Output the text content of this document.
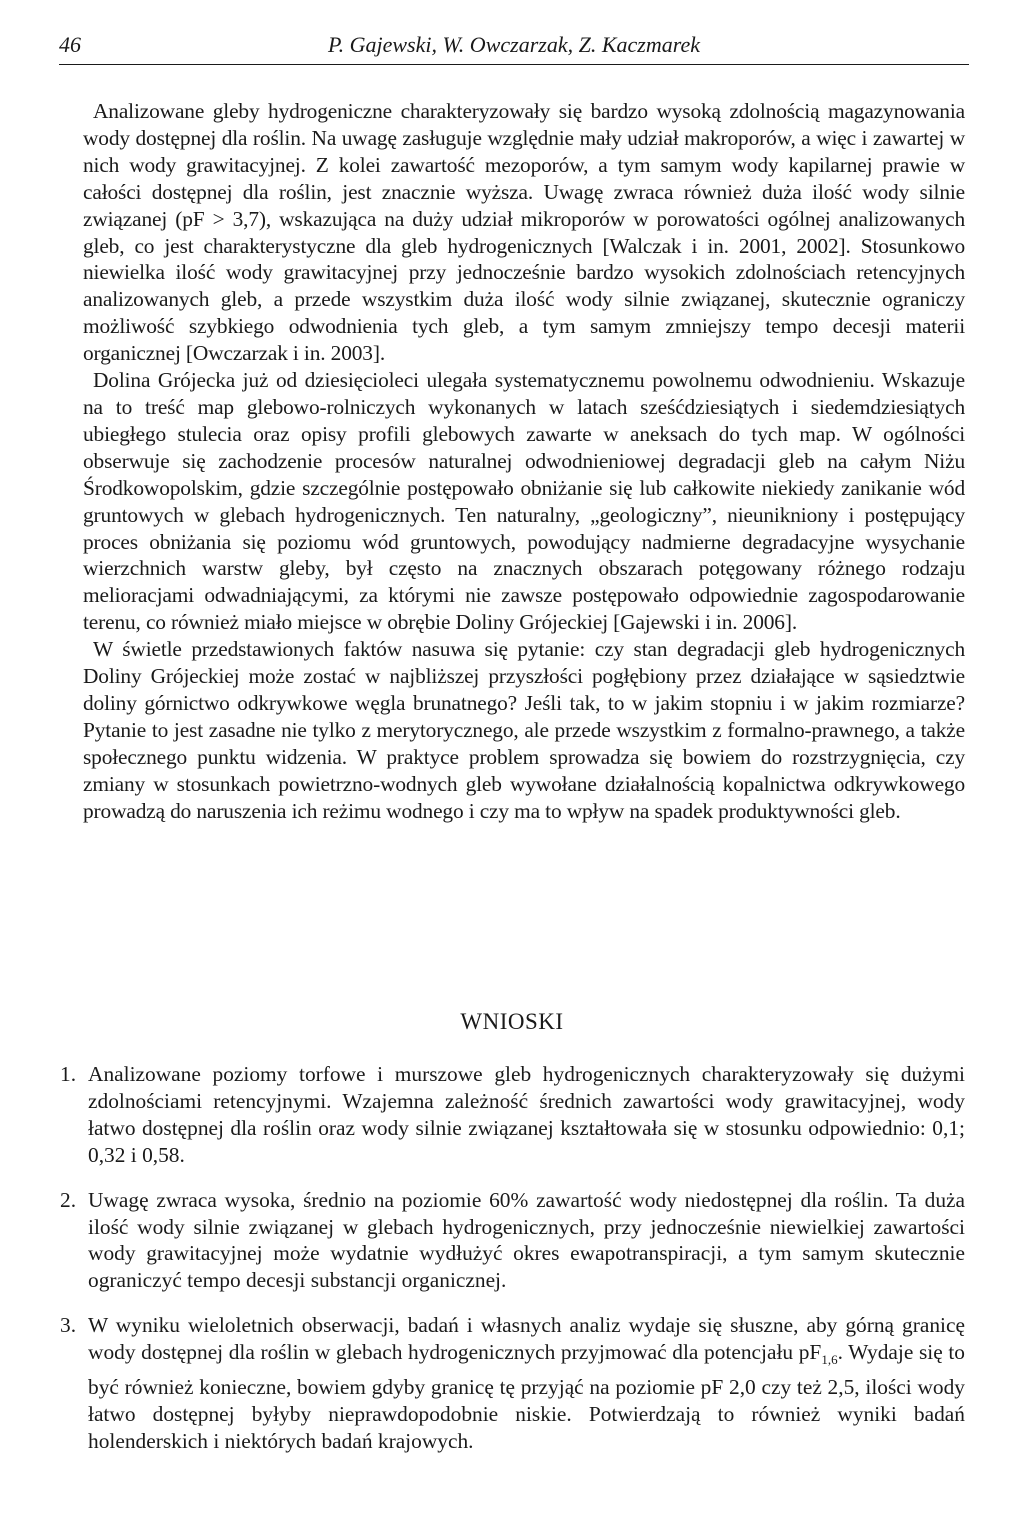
46	P. Gajewski, W. Owczarzak, Z. Kaczmarek

Analizowane gleby hydrogeniczne charakteryzowały się bardzo wysoką zdolnością magazynowania wody dostępnej dla roślin. Na uwagę zasługuje względnie mały udział makroporów, a więc i zawartej w nich wody grawitacyjnej. Z kolei zawartość mezoporów, a tym samym wody kapilarnej prawie w całości dostępnej dla roślin, jest znacznie wyższa. Uwagę zwraca również duża ilość wody silnie związanej (pF > 3,7), wskazująca na duży udział mikroporów w porowatości ogólnej analizowanych gleb, co jest charakterystyczne dla gleb hydrogenicznych [Walczak i in. 2001, 2002]. Stosunkowo niewielka ilość wody grawitacyjnej przy jednocześnie bardzo wysokich zdolnościach retencyjnych analizowanych gleb, a przede wszystkim duża ilość wody silnie związanej, skutecznie ograniczy możliwość szybkiego odwodnienia tych gleb, a tym samym zmniejszy tempo decesji materii organicznej [Owczarzak i in. 2003].

Dolina Grójecka już od dziesięcioleci ulegała systematycznemu powolnemu odwodnieniu. Wskazuje na to treść map glebowo-rolniczych wykonanych w latach sześćdziesiątych i siedemdziesiątych ubiegłego stulecia oraz opisy profili glebowych zawarte w aneksach do tych map. W ogólności obserwuje się zachodzenie procesów naturalnej odwodnieniowej degradacji gleb na całym Niżu Środkowopolskim, gdzie szczególnie postępowało obniżanie się lub całkowite niekiedy zanikanie wód gruntowych w glebach hydrogenicznych. Ten naturalny, „geologiczny”, nieunikniony i postępujący proces obniżania się poziomu wód gruntowych, powodujący nadmierne degradacyjne wysychanie wierzchnich warstw gleby, był często na znacznych obszarach potęgowany różnego rodzaju melioracjami odwadniającymi, za którymi nie zawsze postępowało odpowiednie zagospodarowanie terenu, co również miało miejsce w obrębie Doliny Grójeckiej [Gajewski i in. 2006].

W świetle przedstawionych faktów nasuwa się pytanie: czy stan degradacji gleb hydrogenicznych Doliny Grójeckiej może zostać w najbliższej przyszłości pogłębiony przez działające w sąsiedztwie doliny górnictwo odkrywkowe węgla brunatnego? Jeśli tak, to w jakim stopniu i w jakim rozmiarze? Pytanie to jest zasadne nie tylko z merytorycznego, ale przede wszystkim z formalno-prawnego, a także społecznego punktu widzenia. W praktyce problem sprowadza się bowiem do rozstrzygnięcia, czy zmiany w stosunkach powietrzno-wodnych gleb wywołane działalnością kopalnictwa odkrywkowego prowadzą do naruszenia ich reżimu wodnego i czy ma to wpływ na spadek produktywności gleb.

WNIOSKI
1. Analizowane poziomy torfowe i murszowe gleb hydrogenicznych charakteryzowały się dużymi zdolnościami retencyjnymi. Wzajemna zależność średnich zawartości wody grawitacyjnej, wody łatwo dostępnej dla roślin oraz wody silnie związanej kształtowała się w stosunku odpowiednio: 0,1; 0,32 i 0,58.
2. Uwagę zwraca wysoka, średnio na poziomie 60% zawartość wody niedostępnej dla roślin. Ta duża ilość wody silnie związanej w glebach hydrogenicznych, przy jednocześnie niewielkiej zawartości wody grawitacyjnej może wydatnie wydłużyć okres ewapotranspiracji, a tym samym skutecznie ograniczyć tempo decesji substancji organicznej.
3. W wyniku wieloletnich obserwacji, badań i własnych analiz wydaje się słuszne, aby górną granicę wody dostępnej dla roślin w glebach hydrogenicznych przyjmować dla potencjału $pF_{1,6}$. Wydaje się to być również konieczne, bowiem gdyby granicę tę przyjąć na poziomie pF 2,0 czy też 2,5, ilości wody łatwo dostępnej byłyby nieprawdopodobnie niskie. Potwierdzają to również wyniki badań holenderskich i niektórych badań krajowych.
